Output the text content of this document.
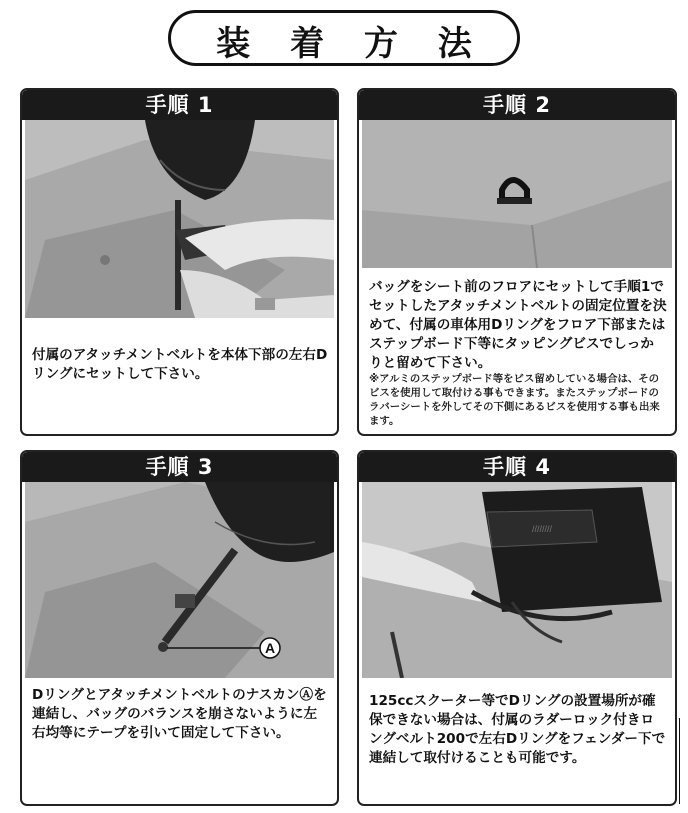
装 着 方 法
手順 1
付属のアタッチメントベルトを本体下部の左右Dリングにセットして下さい。
手順 2
バッグをシート前のフロアにセットして手順1でセットしたアタッチメントベルトの固定位置を決めて、付属の車体用Dリングをフロア下部またはステップボード下等にタッピングビスでしっかりと留めて下さい。
※アルミのステップボード等をビス留めしている場合は、そのビスを使用して取付ける事もできます。またステップボードのラバーシートを外してその下側にあるビスを使用する事も出来ます。
手順 3
A
DリングとアタッチメントベルトのナスカンⒶを連結し、バッグのバランスを崩さないように左右均等にテープを引いて固定して下さい。
手順 4
////////
125ccスクーター等でDリングの設置場所が確保できない場合は、付属のラダーロック付きロングベルト200で左右Dリングをフェンダー下で連結して取付けることも可能です。
